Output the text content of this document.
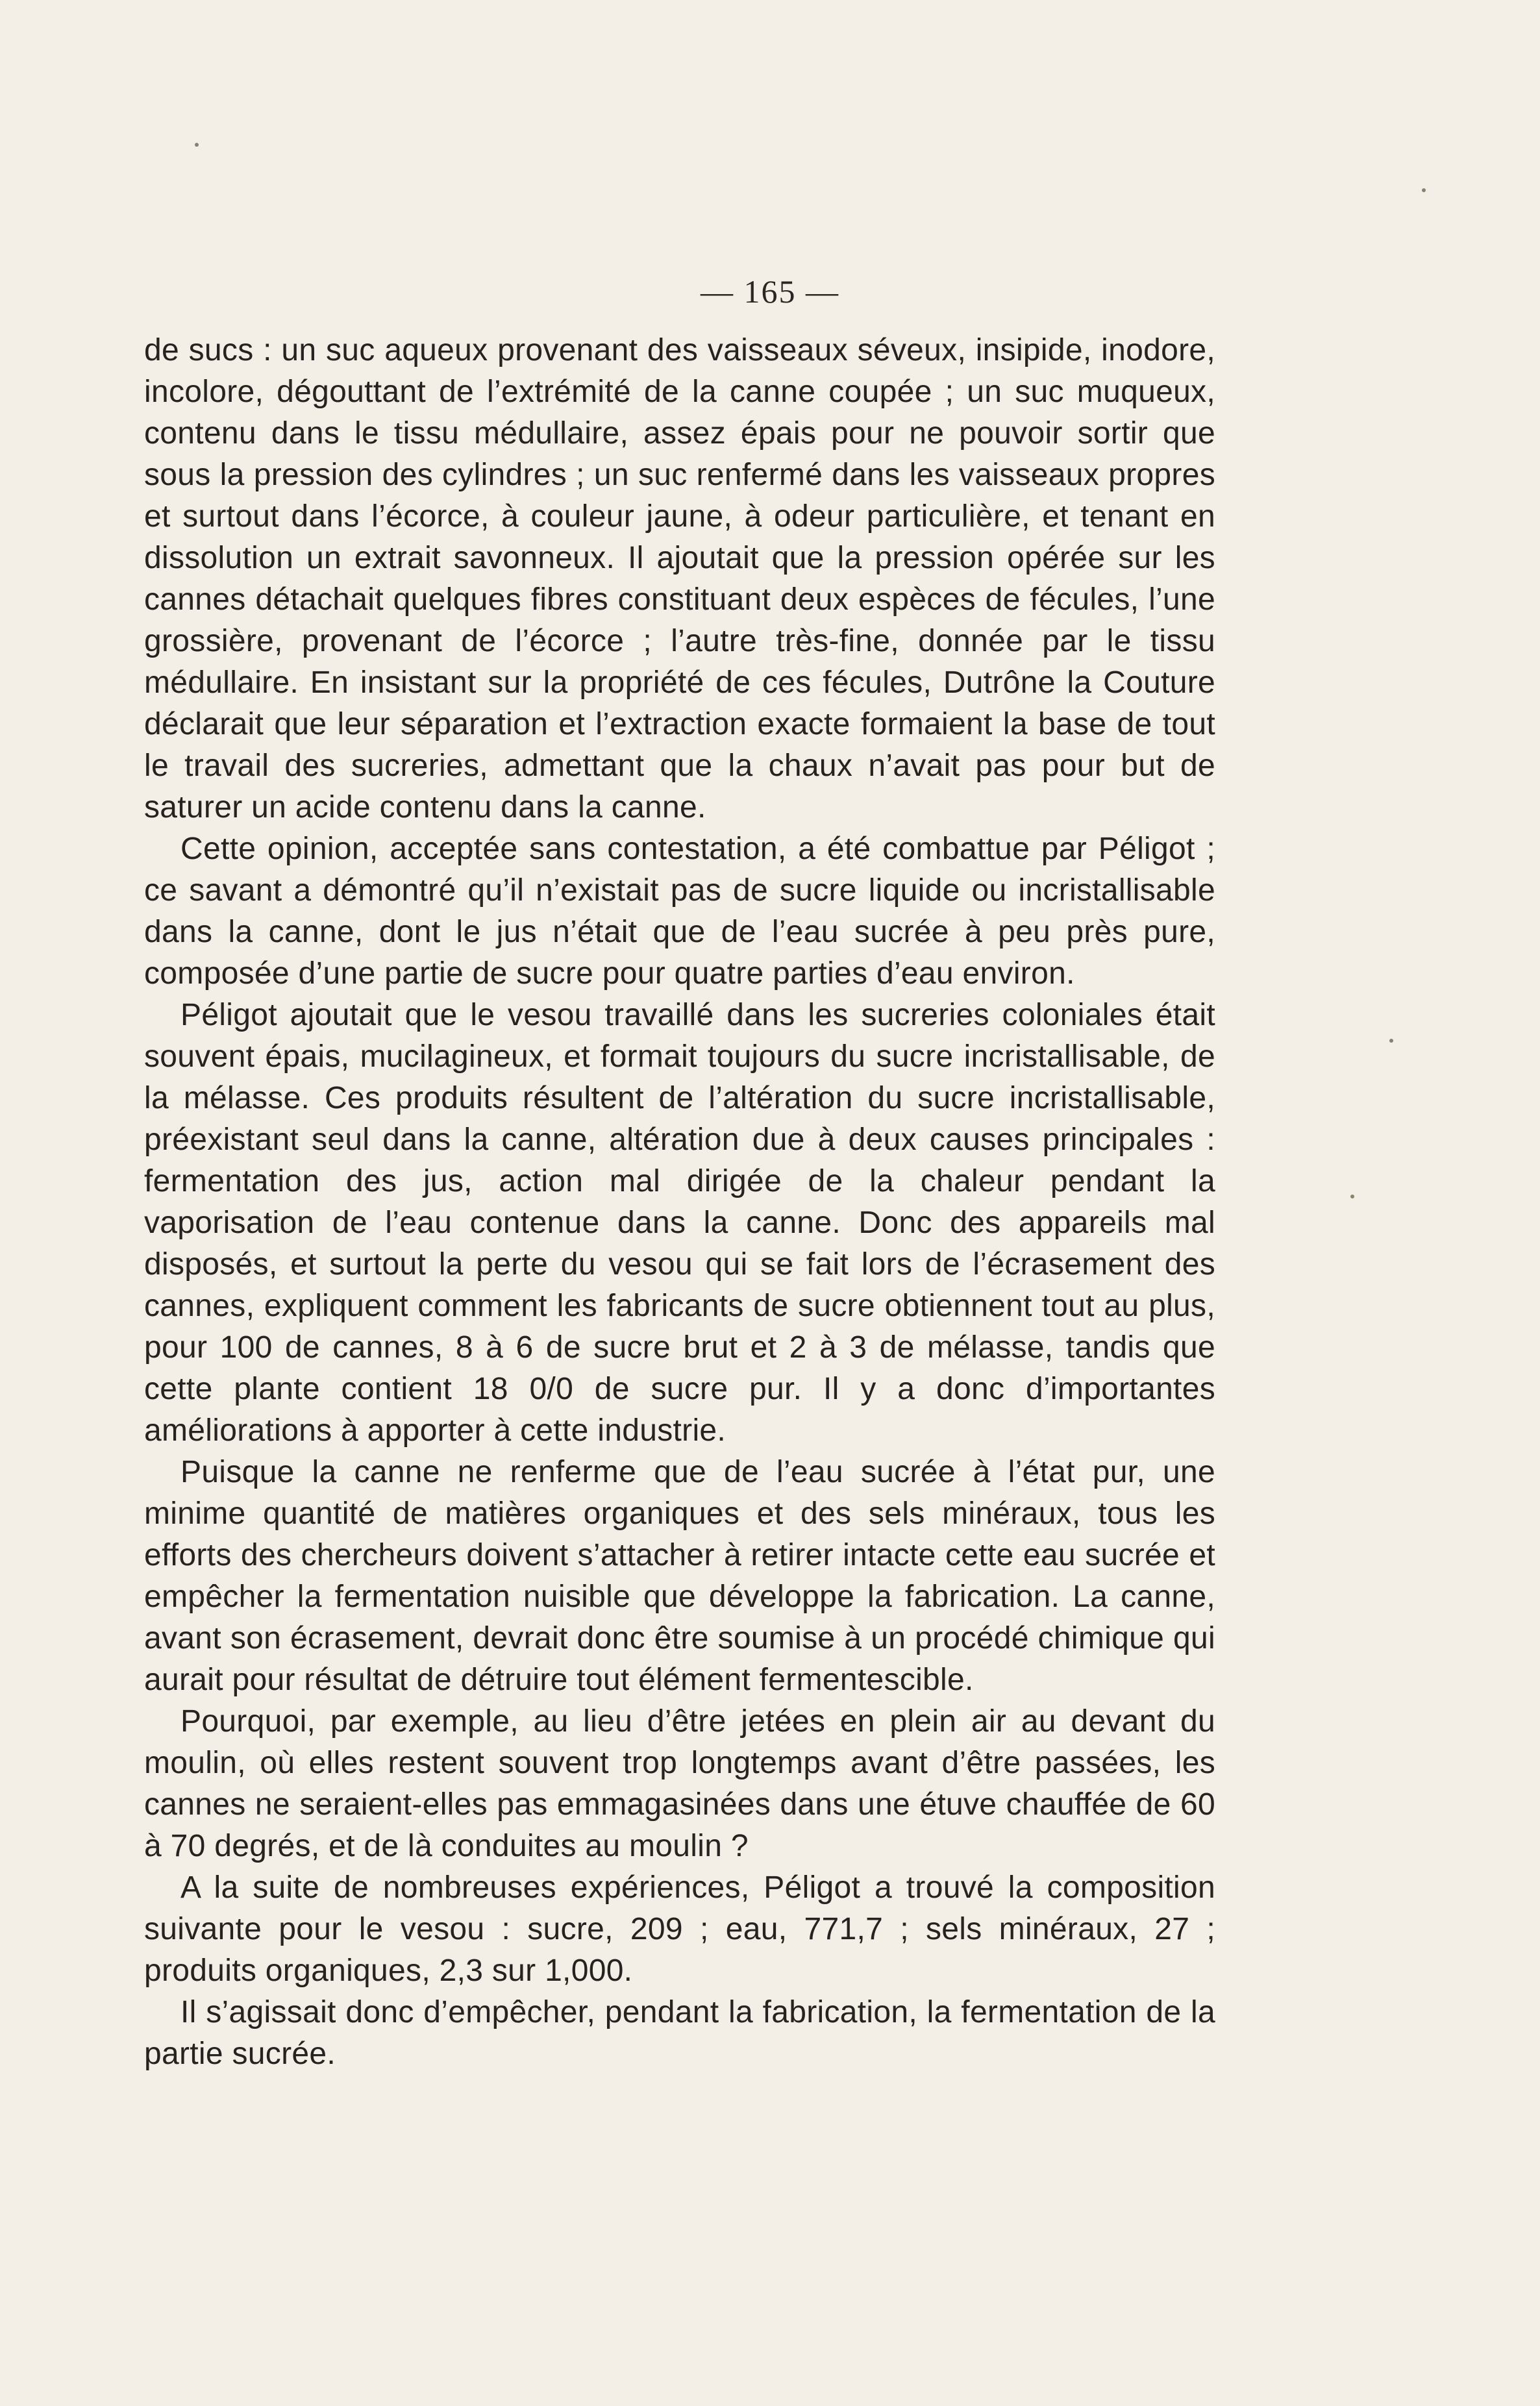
— 165 —

de sucs : un suc aqueux provenant des vaisseaux séveux, insipide, inodore, incolore, dégouttant de l’extrémité de la canne coupée ; un suc muqueux, contenu dans le tissu médullaire, assez épais pour ne pouvoir sortir que sous la pression des cylindres ; un suc renfermé dans les vaisseaux propres et surtout dans l’écorce, à couleur jaune, à odeur particulière, et tenant en dissolution un extrait savonneux. Il ajoutait que la pression opérée sur les cannes détachait quelques fibres constituant deux espèces de fécules, l’une grossière, provenant de l’écorce ; l’autre très-fine, donnée par le tissu médullaire. En insistant sur la propriété de ces fécules, Dutrône la Couture déclarait que leur séparation et l’extraction exacte formaient la base de tout le travail des sucreries, admettant que la chaux n’avait pas pour but de saturer un acide contenu dans la canne.

Cette opinion, acceptée sans contestation, a été combattue par Péligot ; ce savant a démontré qu’il n’existait pas de sucre liquide ou incristallisable dans la canne, dont le jus n’était que de l’eau sucrée à peu près pure, composée d’une partie de sucre pour quatre parties d’eau environ.

Péligot ajoutait que le vesou travaillé dans les sucreries coloniales était souvent épais, mucilagineux, et formait toujours du sucre incristallisable, de la mélasse. Ces produits résultent de l’altération du sucre incristallisable, préexistant seul dans la canne, altération due à deux causes principales : fermentation des jus, action mal dirigée de la chaleur pendant la vaporisation de l’eau contenue dans la canne. Donc des appareils mal disposés, et surtout la perte du vesou qui se fait lors de l’écrasement des cannes, expliquent comment les fabricants de sucre obtiennent tout au plus, pour 100 de cannes, 8 à 6 de sucre brut et 2 à 3 de mélasse, tandis que cette plante contient 18 0/0 de sucre pur. Il y a donc d’importantes améliorations à apporter à cette industrie.

Puisque la canne ne renferme que de l’eau sucrée à l’état pur, une minime quantité de matières organiques et des sels minéraux, tous les efforts des chercheurs doivent s’attacher à retirer intacte cette eau sucrée et empêcher la fermentation nuisible que développe la fabrication. La canne, avant son écrasement, devrait donc être soumise à un procédé chimique qui aurait pour résultat de détruire tout élément fermentescible.

Pourquoi, par exemple, au lieu d’être jetées en plein air au devant du moulin, où elles restent souvent trop longtemps avant d’être passées, les cannes ne seraient-elles pas emmagasinées dans une étuve chauffée de 60 à 70 degrés, et de là conduites au moulin ?

A la suite de nombreuses expériences, Péligot a trouvé la composition suivante pour le vesou : sucre, 209 ; eau, 771,7 ; sels minéraux, 27 ; produits organiques, 2,3 sur 1,000.

Il s’agissait donc d’empêcher, pendant la fabrication, la fermentation de la partie sucrée.
